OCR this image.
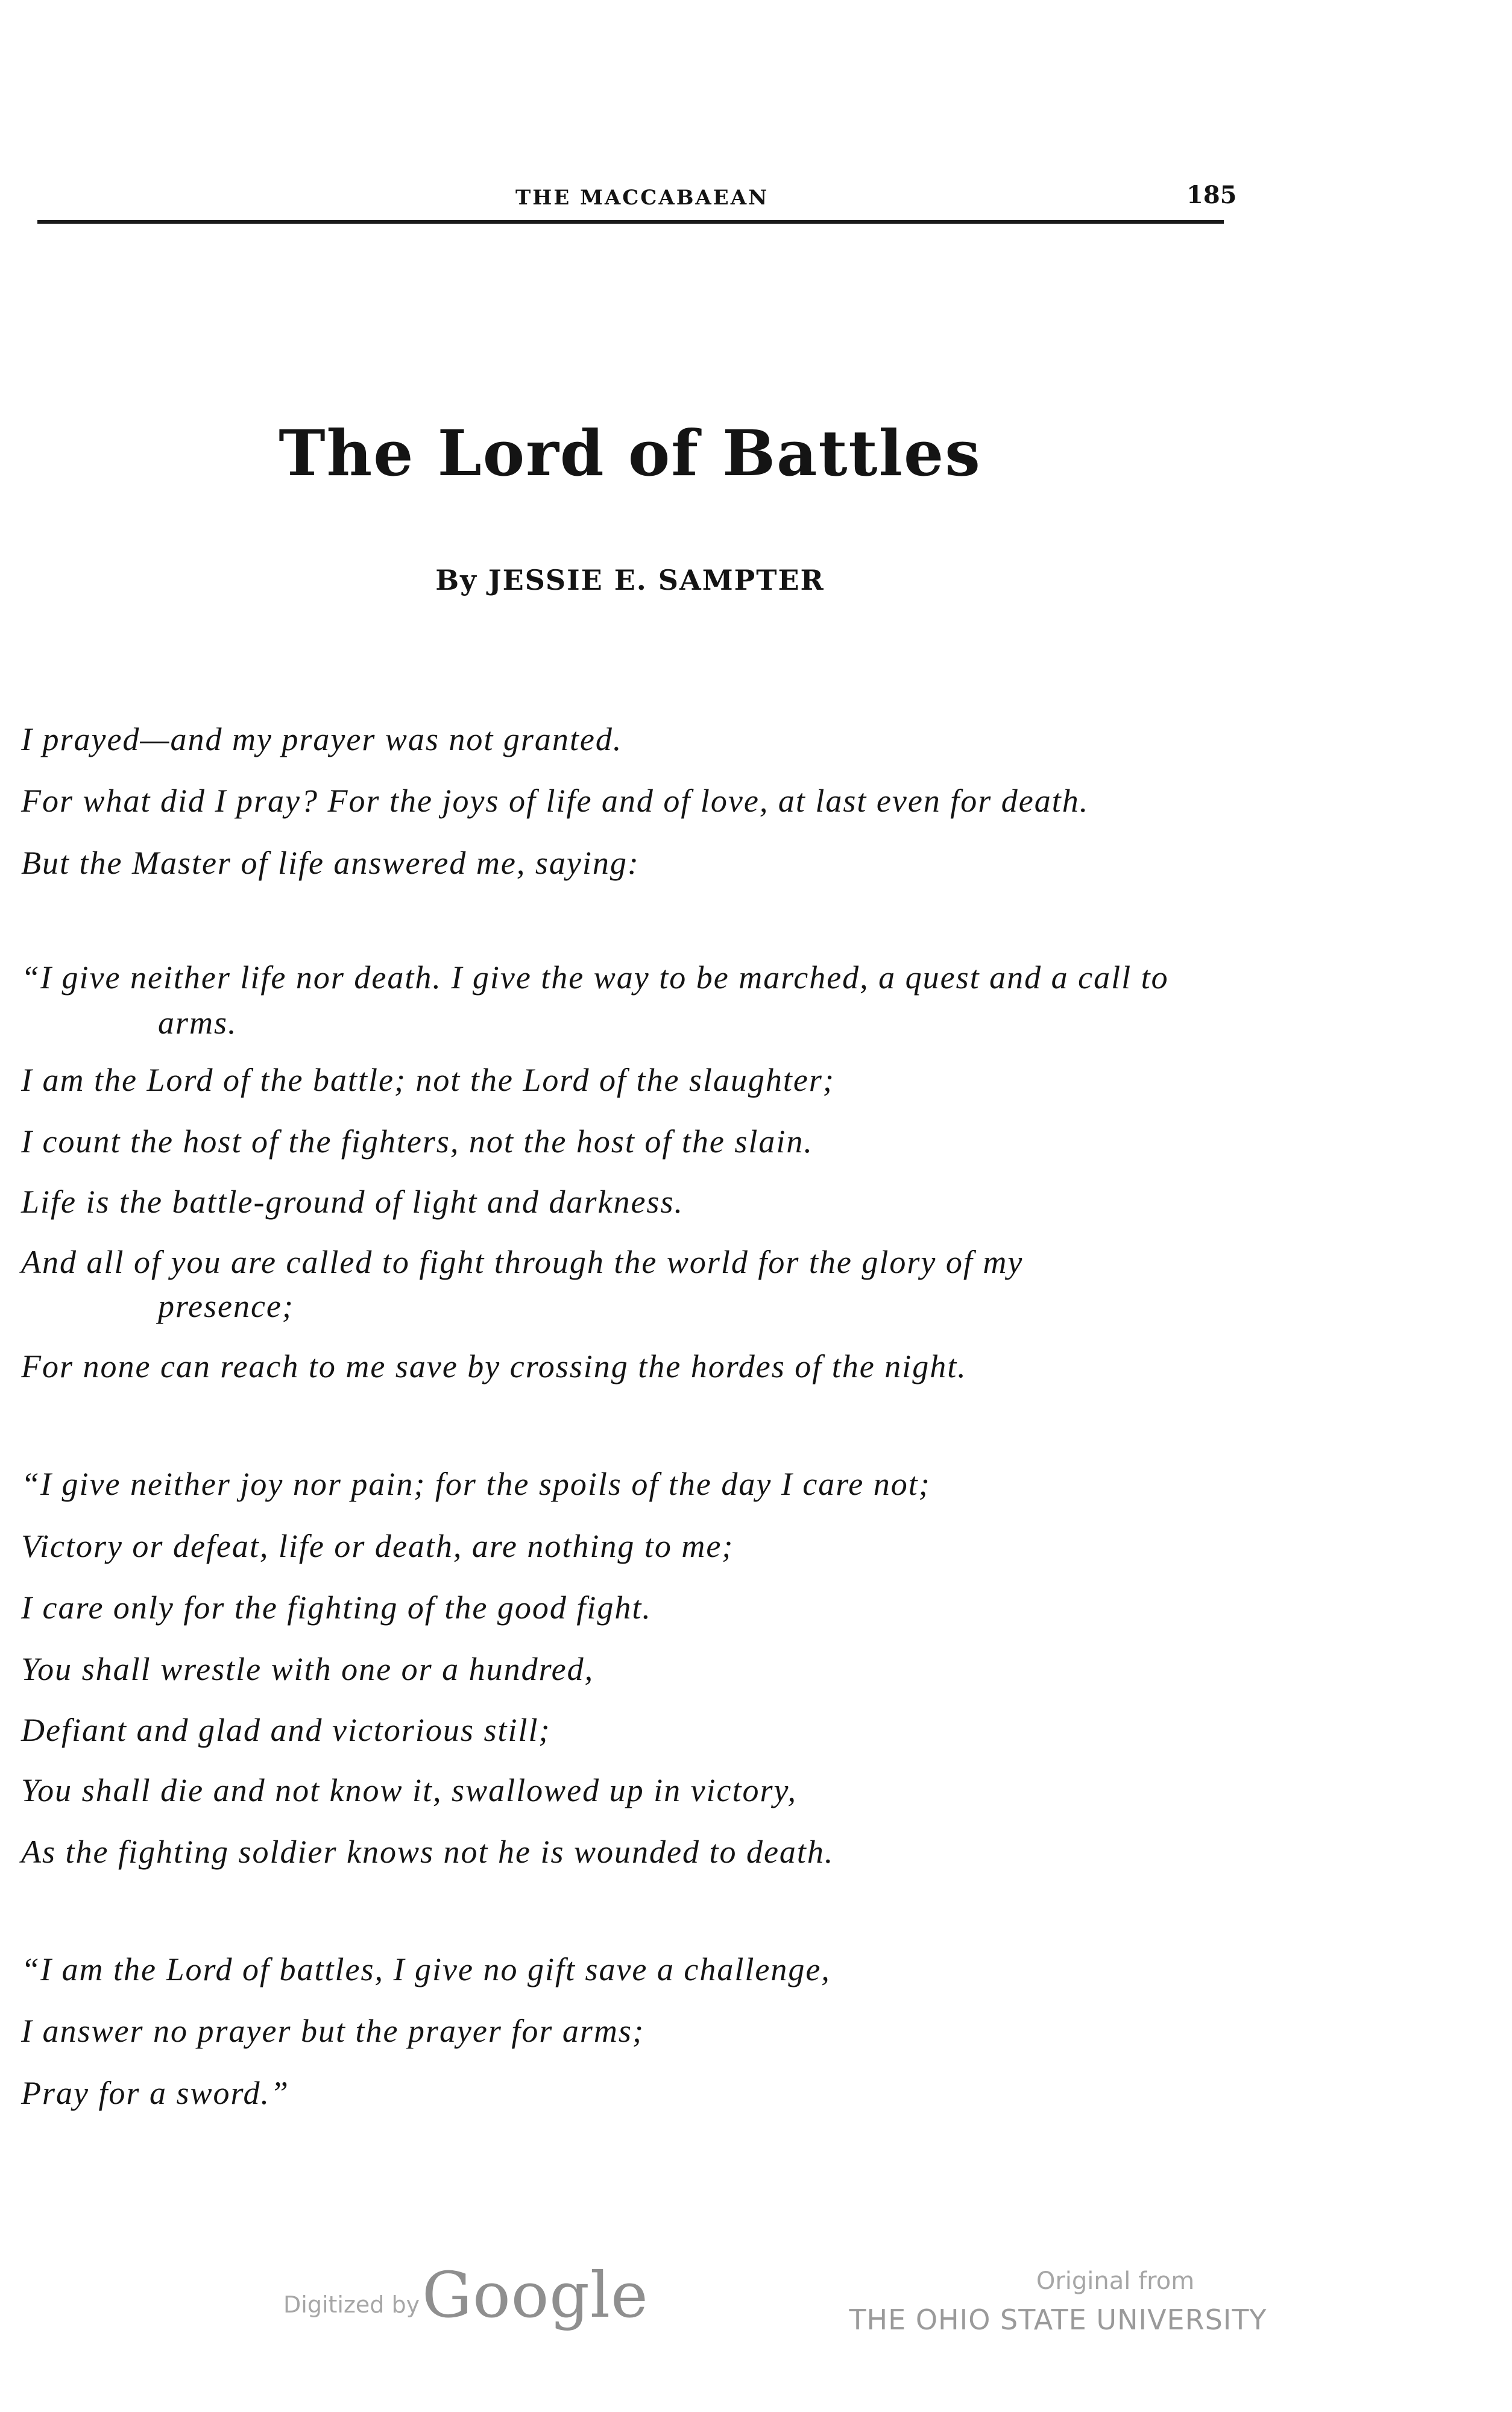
THE MACCABAEAN	185
The Lord of Battles
By JESSIE E. SAMPTER
I prayed—and my prayer was not granted.
For what did I pray? For the joys of life and of love, at last even for death.
But the Master of life answered me, saying:
“I give neither life nor death. I give the way to be marched, a quest and a call to
arms.
I am the Lord of the battle; not the Lord of the slaughter;
I count the host of the fighters, not the host of the slain.
Life is the battle-ground of light and darkness.
And all of you are called to fight through the world for the glory of my
presence;
For none can reach to me save by crossing the hordes of the night.
“I give neither joy nor pain; for the spoils of the day I care not;
Victory or defeat, life or death, are nothing to me;
I care only for the fighting of the good fight.
You shall wrestle with one or a hundred,
Defiant and glad and victorious still;
You shall die and not know it, swallowed up in victory,
As the fighting soldier knows not he is wounded to death.
“I am the Lord of battles, I give no gift save a challenge,
I answer no prayer but the prayer for arms;
Pray for a sword.”
Digitized by Google	Original from
THE OHIO STATE UNIVERSITY
